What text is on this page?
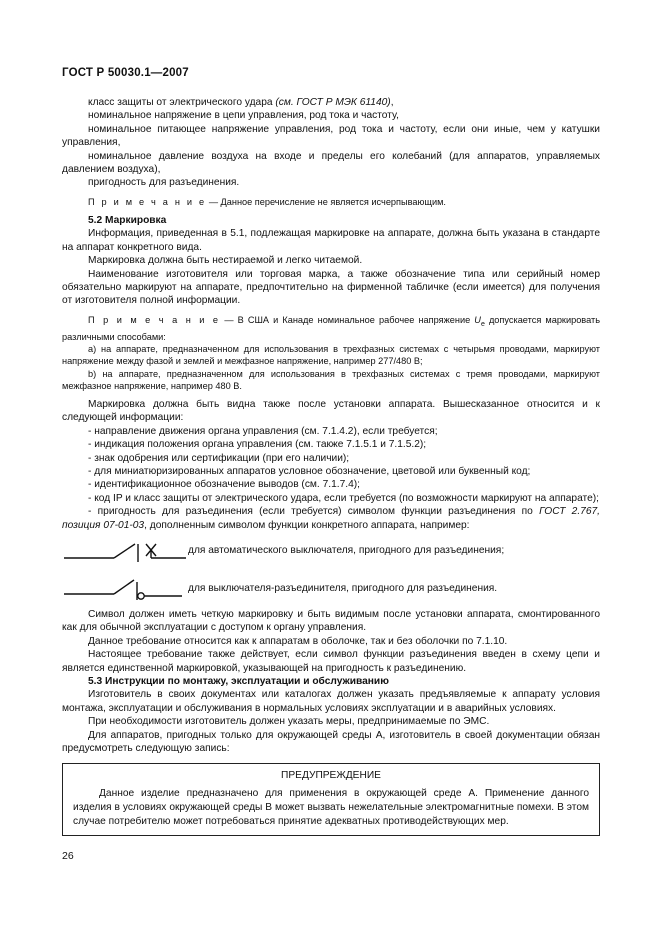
ГОСТ Р 50030.1—2007

класс защиты от электрического удара (см. ГОСТ Р МЭК 61140),

номинальное напряжение в цепи управления, род тока и частоту,

номинальное питающее напряжение управления, род тока и частоту, если они иные, чем у катушки управления,

номинальное давление воздуха на входе и пределы его колебаний (для аппаратов, управляемых давлением воздуха),

пригодность для разъединения.

П р и м е ч а н и е — Данное перечисление не является исчерпывающим.

5.2 Маркировка

Информация, приведенная в 5.1, подлежащая маркировке на аппарате, должна быть указана в стандарте на аппарат конкретного вида.

Маркировка должна быть нестираемой и легко читаемой.

Наименование изготовителя или торговая марка, а также обозначение типа или серийный номер обязательно маркируют на аппарате, предпочтительно на фирменной табличке (если имеется) для получения от изготовителя полной информации.

П р и м е ч а н и е — В США и Канаде номинальное рабочее напряжение $U_e$ допускается маркировать различными способами:

a) на аппарате, предназначенном для использования в трехфазных системах с четырьмя проводами, маркируют напряжение между фазой и землей и межфазное напряжение, например 277/480 В;

b) на аппарате, предназначенном для использования в трехфазных системах с тремя проводами, маркируют межфазное напряжение, например 480 В.

Маркировка должна быть видна также после установки аппарата. Вышесказанное относится и к следующей информации:

- направление движения органа управления (см. 7.1.4.2), если требуется;

- индикация положения органа управления (см. также 7.1.5.1 и 7.1.5.2);

- знак одобрения или сертификации (при его наличии);

- для миниатюризированных аппаратов условное обозначение, цветовой или буквенный код;

- идентификационное обозначение выводов (см. 7.1.7.4);

- код IP и класс защиты от электрического удара, если требуется (по возможности маркируют на аппарате);

- пригодность для разъединения (если требуется) символом функции разъединения по ГОСТ 2.767, позиция 07-01-03, дополненным символом функции конкретного аппарата, например:

для автоматического выключателя, пригодного для разъединения;
для выключателя-разъединителя, пригодного для разъединения.

Символ должен иметь четкую маркировку и быть видимым после установки аппарата, смонтированного как для обычной эксплуатации с доступом к органу управления.

Данное требование относится как к аппаратам в оболочке, так и без оболочки по 7.1.10.

Настоящее требование также действует, если символ функции разъединения введен в схему цепи и является единственной маркировкой, указывающей на пригодность к разъединению.

5.3 Инструкции по монтажу, эксплуатации и обслуживанию

Изготовитель в своих документах или каталогах должен указать предъявляемые к аппарату условия монтажа, эксплуатации и обслуживания в нормальных условиях эксплуатации и в аварийных условиях.

При необходимости изготовитель должен указать меры, предпринимаемые по ЭМС.

Для аппаратов, пригодных только для окружающей среды А, изготовитель в своей документации обязан предусмотреть следующую запись:

ПРЕДУПРЕЖДЕНИЕ

Данное изделие предназначено для применения в окружающей среде А. Применение данного изделия в условиях окружающей среды B может вызвать нежелательные электромагнитные помехи. В этом случае потребителю может потребоваться принятие адекватных противодействующих мер.

26
